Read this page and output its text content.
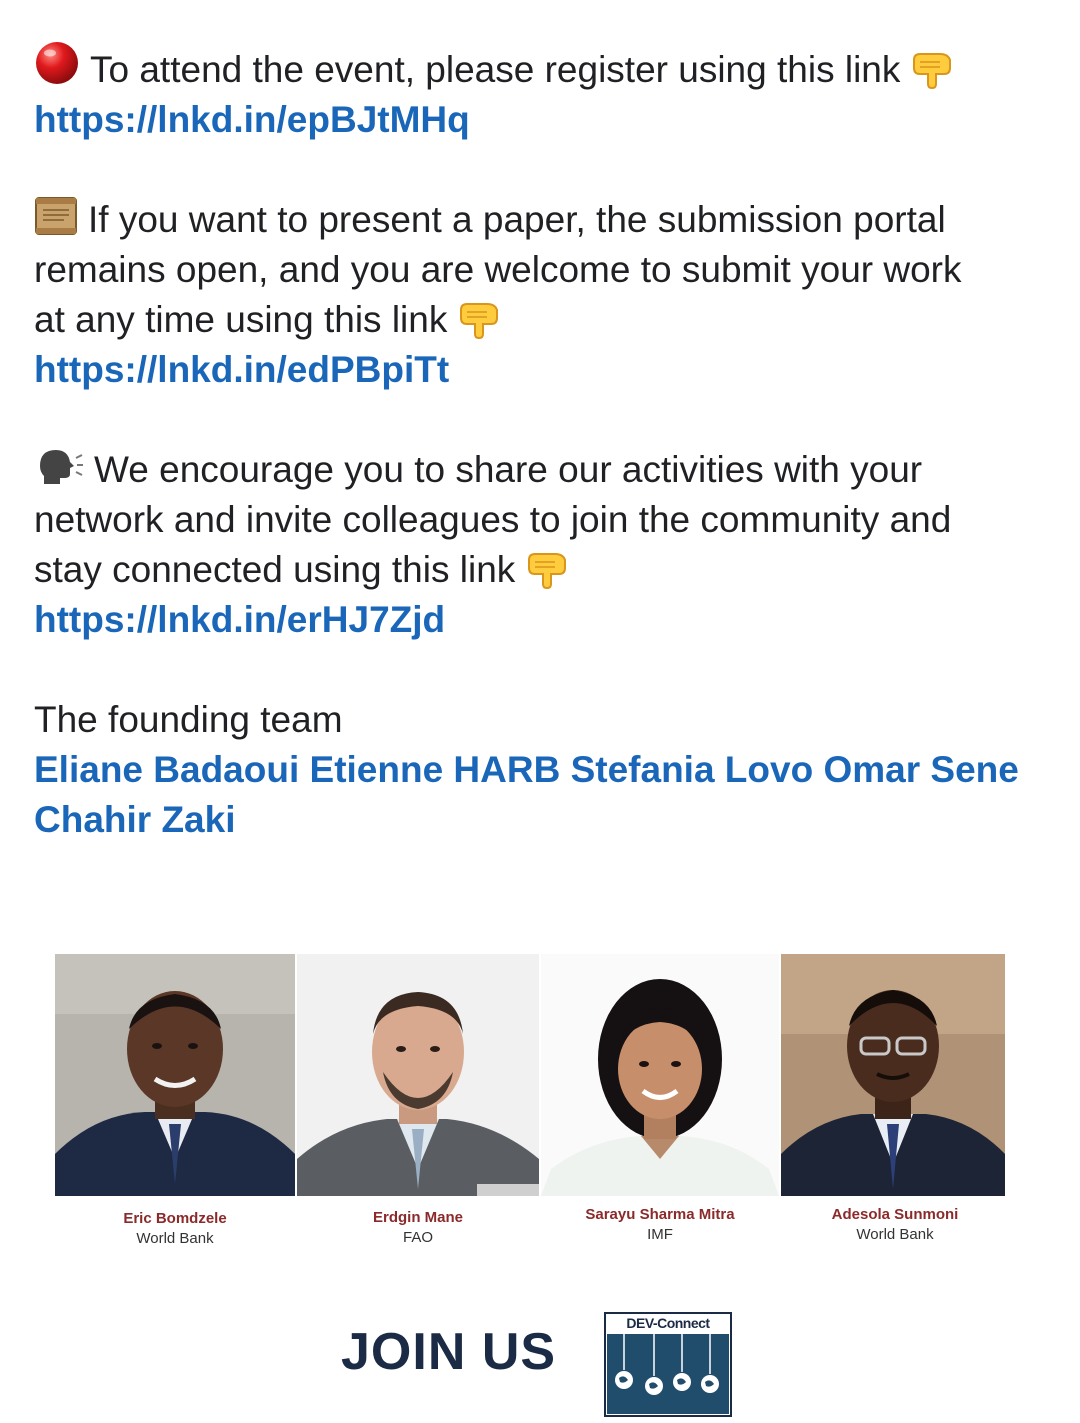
To attend the event, please register using this link
https://lnkd.in/epBJtMHq
If you want to present a paper, the submission portal
remains open, and you are welcome to submit your work
at any time using this link
https://lnkd.in/edPBpiTt
We encourage you to share our activities with your
network and invite colleagues to join the community and
stay connected using this link
https://lnkd.in/erHJ7Zjd
The founding team
Eliane Badaoui Etienne HARB Stefania Lovo Omar Sene
Chahir Zaki
Eric Bomdzele
World Bank
Erdgin Mane
FAO
Sarayu Sharma Mitra
IMF
Adesola Sunmoni
World Bank
JOIN US	DEV-Connect
